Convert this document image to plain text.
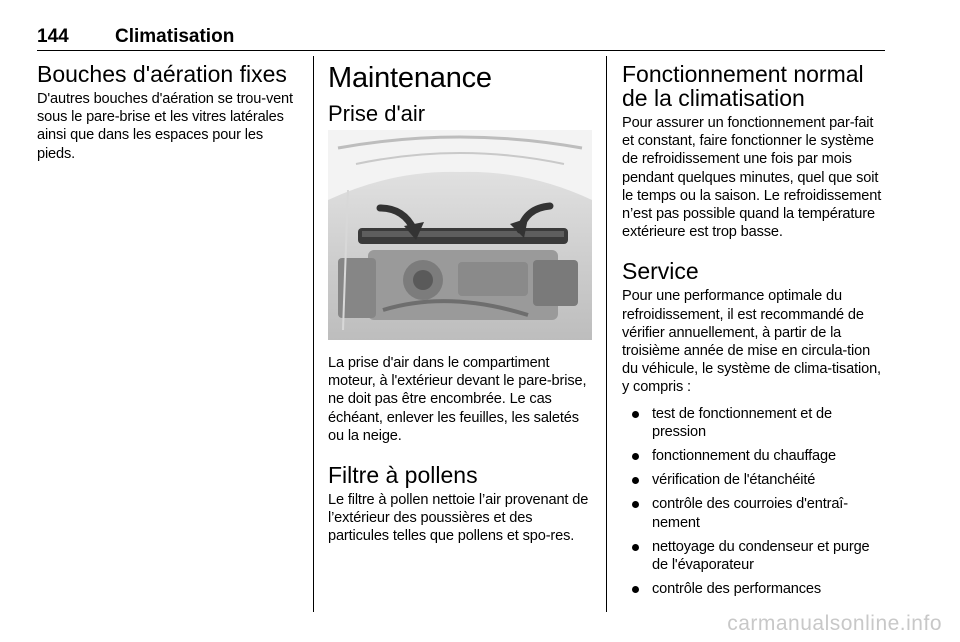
144 Climatisation
Bouches d'aération fixes

D'autres bouches d'aération se trou-vent sous le pare-brise et les vitres latérales ainsi que dans les espaces pour les pieds.

Maintenance
Prise d'air

La prise d'air dans le compartiment moteur, à l'extérieur devant le pare-brise, ne doit pas être encombrée. Le cas échéant, enlever les feuilles, les saletés ou la neige.

Filtre à pollens

Le filtre à pollen nettoie l’air provenant de l’extérieur des poussières et des particules telles que pollens et spo-res.

Fonctionnement normal de la climatisation

Pour assurer un fonctionnement par-fait et constant, faire fonctionner le système de refroidissement une fois par mois pendant quelques minutes, quel que soit le temps ou la saison. Le refroidissement n’est pas possible quand la température extérieure est trop basse.

Service

Pour une performance optimale du refroidissement, il est recommandé de vérifier annuellement, à partir de la troisième année de mise en circula-tion du véhicule, le système de clima-tisation, y compris :

test de fonctionnement et de pression
fonctionnement du chauffage
vérification de l'étanchéité
contrôle des courroies d'entraî-nement
nettoyage du condenseur et purge de l'évaporateur
contrôle des performances
carmanualsonline.info
